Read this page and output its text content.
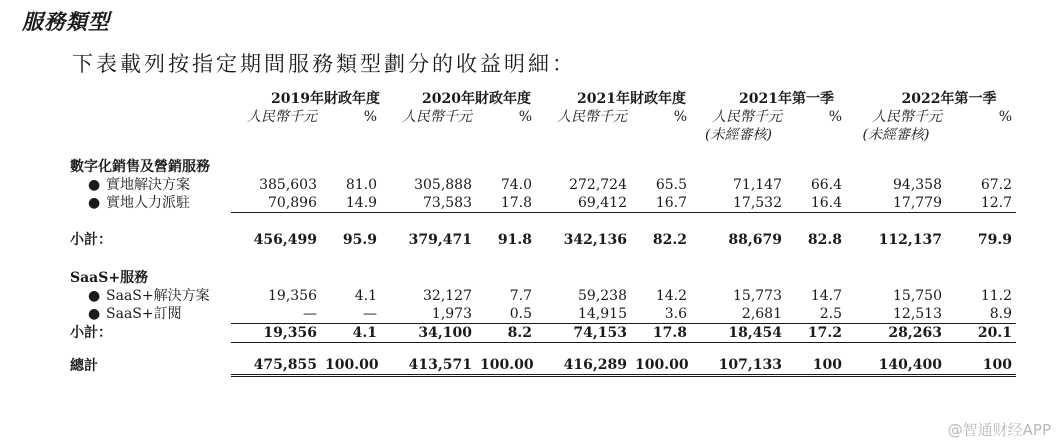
服務類型
下表載列按指定期間服務類型劃分的收益明細：
	2019年財政年度		2020年財政年度		2021年財政年度		2021年第一季		2022年第一季	
	人民幣千元	%	人民幣千元	%	人民幣千元	%	人民幣千元	%	人民幣千元	%
							(未經審核)		(未經審核)	

數字化銷售及營銷服務										
● 實地解決方案	385,603	81.0	305,888	74.0	272,724	65.5	71,147	66.4	94,358	67.2
● 實地人力派駐	70,896	14.9	73,583	17.8	69,412	16.7	17,532	16.4	17,779	12.7

小計：	456,499	95.9	379,471	91.8	342,136	82.2	88,679	82.8	112,137	79.9

SaaS+服務										
● SaaS+解決方案	19,356	4.1	32,127	7.7	59,238	14.2	15,773	14.7	15,750	11.2
● SaaS+訂閱	—	—	1,973	0.5	14,915	3.6	2,681	2.5	12,513	8.9
小計：	19,356	4.1	34,100	8.2	74,153	17.8	18,454	17.2	28,263	20.1

總計	475,855	100.00	413,571	100.00	416,289	100.00	107,133	100	140,400	100
@智通财经APP
